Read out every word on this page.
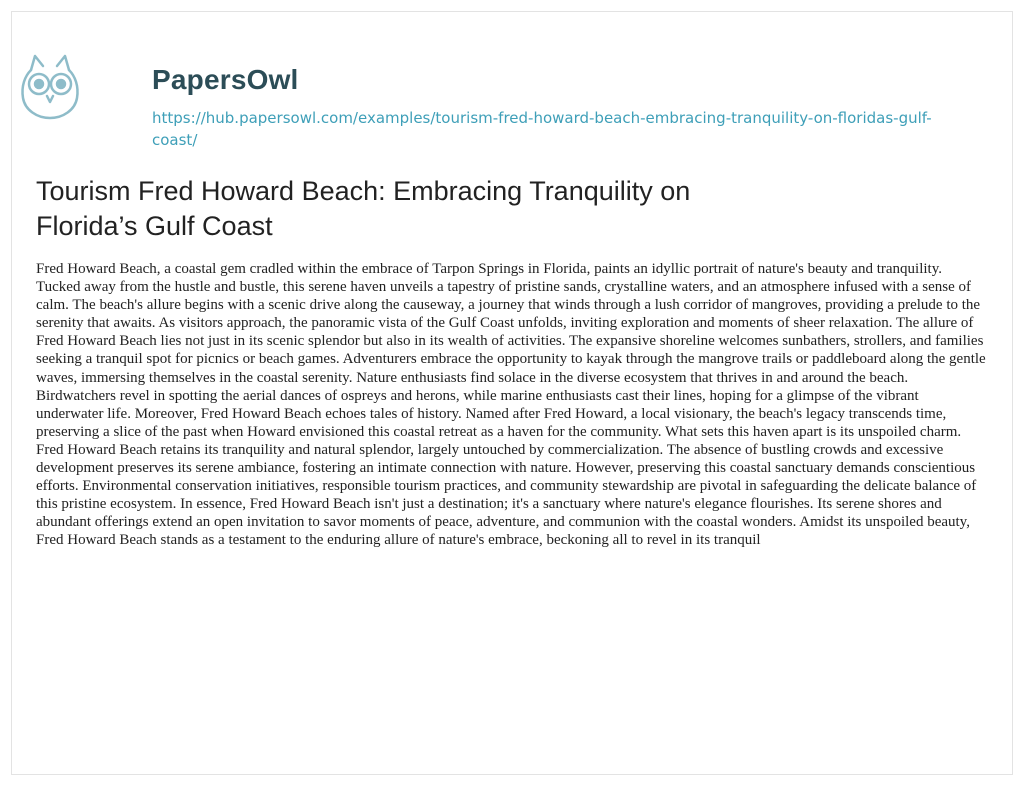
PapersOwl
https://hub.papersowl.com/examples/tourism-fred-howard-beach-embracing-tranquility-on-floridas-gulf-coast/
Tourism Fred Howard Beach: Embracing Tranquility on Florida’s Gulf Coast

Fred Howard Beach, a coastal gem cradled within the embrace of Tarpon Springs in Florida, paints an idyllic portrait of nature's beauty and tranquility. Tucked away from the hustle and bustle, this serene haven unveils a tapestry of pristine sands, crystalline waters, and an atmosphere infused with a sense of calm. The beach's allure begins with a scenic drive along the causeway, a journey that winds through a lush corridor of mangroves, providing a prelude to the serenity that awaits. As visitors approach, the panoramic vista of the Gulf Coast unfolds, inviting exploration and moments of sheer relaxation. The allure of Fred Howard Beach lies not just in its scenic splendor but also in its wealth of activities. The expansive shoreline welcomes sunbathers, strollers, and families seeking a tranquil spot for picnics or beach games. Adventurers embrace the opportunity to kayak through the mangrove trails or paddleboard along the gentle waves, immersing themselves in the coastal serenity. Nature enthusiasts find solace in the diverse ecosystem that thrives in and around the beach. Birdwatchers revel in spotting the aerial dances of ospreys and herons, while marine enthusiasts cast their lines, hoping for a glimpse of the vibrant underwater life. Moreover, Fred Howard Beach echoes tales of history. Named after Fred Howard, a local visionary, the beach's legacy transcends time, preserving a slice of the past when Howard envisioned this coastal retreat as a haven for the community. What sets this haven apart is its unspoiled charm. Fred Howard Beach retains its tranquility and natural splendor, largely untouched by commercialization. The absence of bustling crowds and excessive development preserves its serene ambiance, fostering an intimate connection with nature. However, preserving this coastal sanctuary demands conscientious efforts. Environmental conservation initiatives, responsible tourism practices, and community stewardship are pivotal in safeguarding the delicate balance of this pristine ecosystem. In essence, Fred Howard Beach isn't just a destination; it's a sanctuary where nature's elegance flourishes. Its serene shores and abundant offerings extend an open invitation to savor moments of peace, adventure, and communion with the coastal wonders. Amidst its unspoiled beauty, Fred Howard Beach stands as a testament to the enduring allure of nature's embrace, beckoning all to revel in its tranquil
